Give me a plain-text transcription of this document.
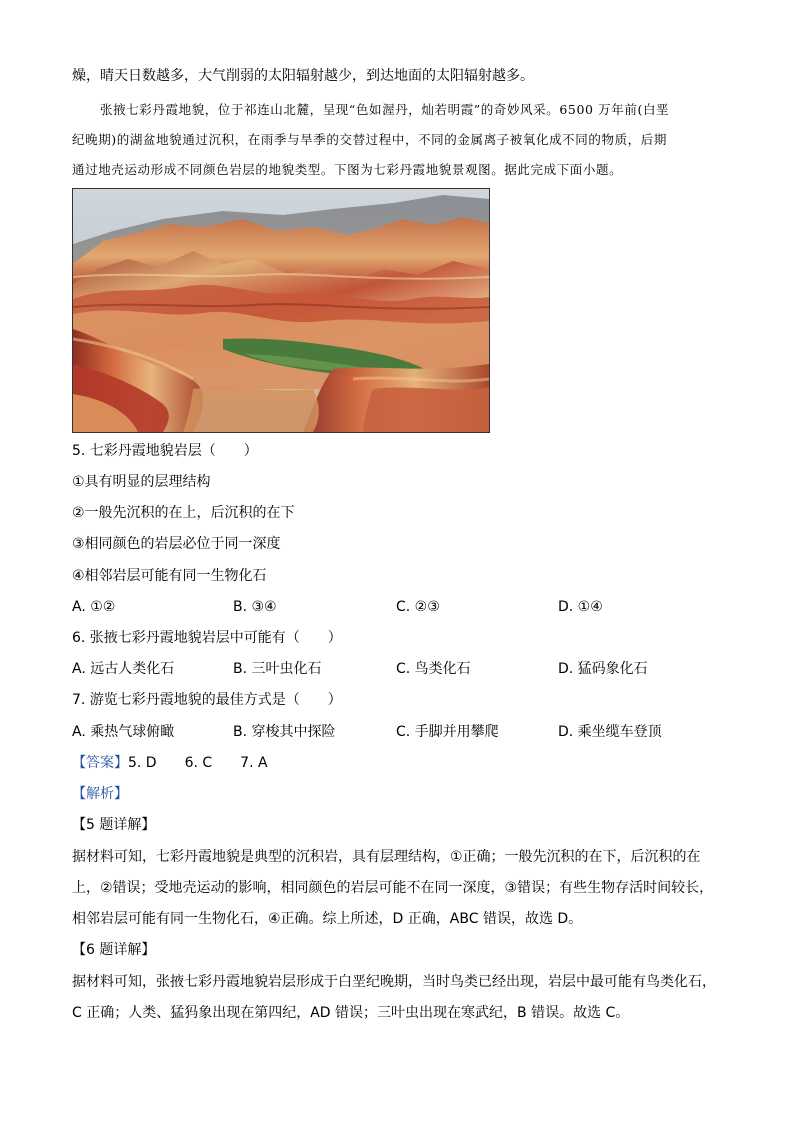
燥，晴天日数越多，大气削弱的太阳辐射越少，到达地面的太阳辐射越多。
张掖七彩丹霞地貌，位于祁连山北麓，呈现“色如渥丹，灿若明霞”的奇妙风采。6500 万年前(白垩
纪晚期)的湖盆地貌通过沉积，在雨季与旱季的交替过程中，不同的金属离子被氧化成不同的物质，后期
通过地壳运动形成不同颜色岩层的地貌类型。下图为七彩丹霞地貌景观图。据此完成下面小题。
5. 七彩丹霞地貌岩层（　　）
①具有明显的层理结构
②一般先沉积的在上，后沉积的在下
③相同颜色的岩层必位于同一深度
④相邻岩层可能有同一生物化石
A. ①②	B. ③④	C. ②③	D. ①④
6. 张掖七彩丹霞地貌岩层中可能有（　　）
A. 远古人类化石	B. 三叶虫化石	C. 鸟类化石	D. 猛码象化石
7. 游览七彩丹霞地貌的最佳方式是（　　）
A. 乘热气球俯瞰	B. 穿梭其中探险	C. 手脚并用攀爬	D. 乘坐缆车登顶
【答案】5. D　　6. C　　7. A
【解析】
【5 题详解】
据材料可知，七彩丹霞地貌是典型的沉积岩，具有层理结构，①正确；一般先沉积的在下，后沉积的在
上，②错误；受地壳运动的影响，相同颜色的岩层可能不在同一深度，③错误；有些生物存活时间较长，
相邻岩层可能有同一生物化石，④正确。综上所述，D 正确，ABC 错误，故选 D。
【6 题详解】
据材料可知，张掖七彩丹霞地貌岩层形成于白垩纪晚期，当时鸟类已经出现，岩层中最可能有鸟类化石，
C 正确；人类、猛犸象出现在第四纪，AD 错误；三叶虫出现在寒武纪，B 错误。故选 C。
